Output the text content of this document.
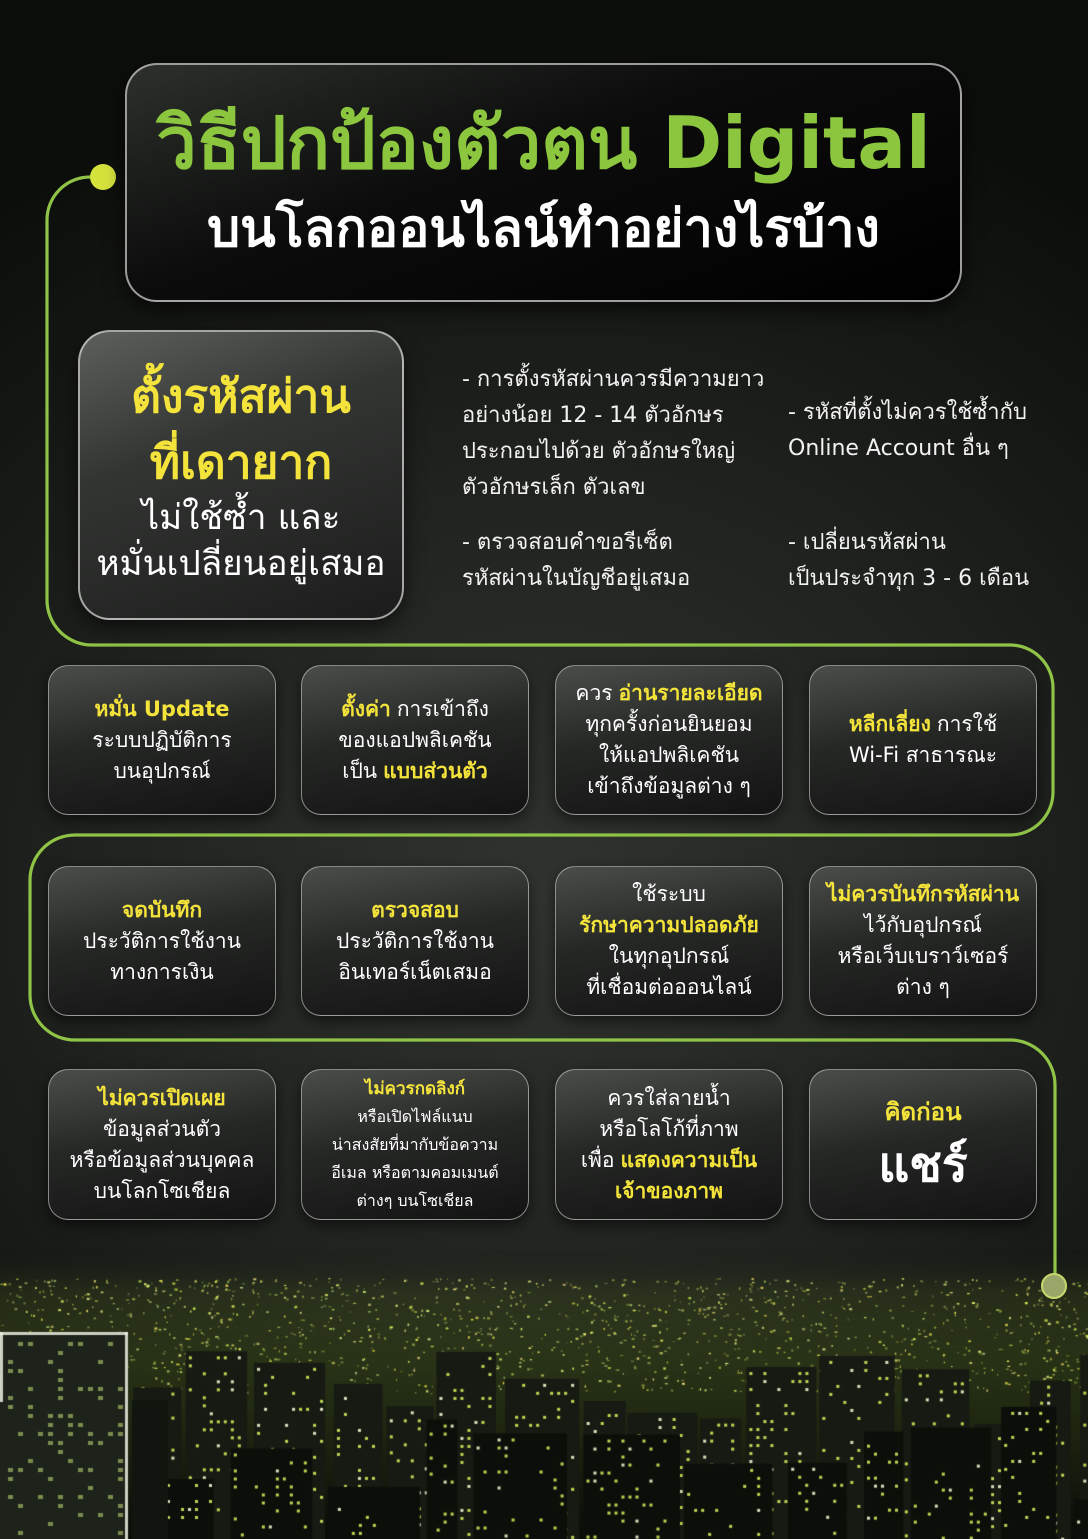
วิธีปกป้องตัวตน Digital
บนโลกออนไลน์ทำอย่างไรบ้าง
ตั้งรหัสผ่าน
ที่เดายาก
ไม่ใช้ซ้ำ และ
หมั่นเปลี่ยนอยู่เสมอ
- การตั้งรหัสผ่านควรมีความยาว
อย่างน้อย 12 - 14 ตัวอักษร
ประกอบไปด้วย ตัวอักษรใหญ่
ตัวอักษรเล็ก ตัวเลข
- รหัสที่ตั้งไม่ควรใช้ซ้ำกับ
Online Account อื่น ๆ
- ตรวจสอบคำขอรีเซ็ต
รหัสผ่านในบัญชีอยู่เสมอ
- เปลี่ยนรหัสผ่าน
เป็นประจำทุก 3 - 6 เดือน
หมั่น Update
ระบบปฏิบัติการ
บนอุปกรณ์
ตั้งค่า การเข้าถึง
ของแอปพลิเคชัน
เป็น แบบส่วนตัว
ควร อ่านรายละเอียด
ทุกครั้งก่อนยินยอม
ให้แอปพลิเคชัน
เข้าถึงข้อมูลต่าง ๆ
หลีกเลี่ยง การใช้
Wi-Fi สาธารณะ
จดบันทึก
ประวัติการใช้งาน
ทางการเงิน
ตรวจสอบ
ประวัติการใช้งาน
อินเทอร์เน็ตเสมอ
ใช้ระบบ
รักษาความปลอดภัย
ในทุกอุปกรณ์
ที่เชื่อมต่อออนไลน์
ไม่ควรบันทึกรหัสผ่าน
ไว้กับอุปกรณ์
หรือเว็บเบราว์เซอร์
ต่าง ๆ
ไม่ควรเปิดเผย
ข้อมูลส่วนตัว
หรือข้อมูลส่วนบุคคล
บนโลกโซเชียล
ไม่ควรกดลิงก์
หรือเปิดไฟล์แนบ
น่าสงสัยที่มากับข้อความ
อีเมล หรือตามคอมเมนต์
ต่างๆ บนโซเชียล
ควรใส่ลายน้ำ
หรือโลโก้ที่ภาพ
เพื่อ แสดงความเป็น
เจ้าของภาพ
คิดก่อน
แชร์
